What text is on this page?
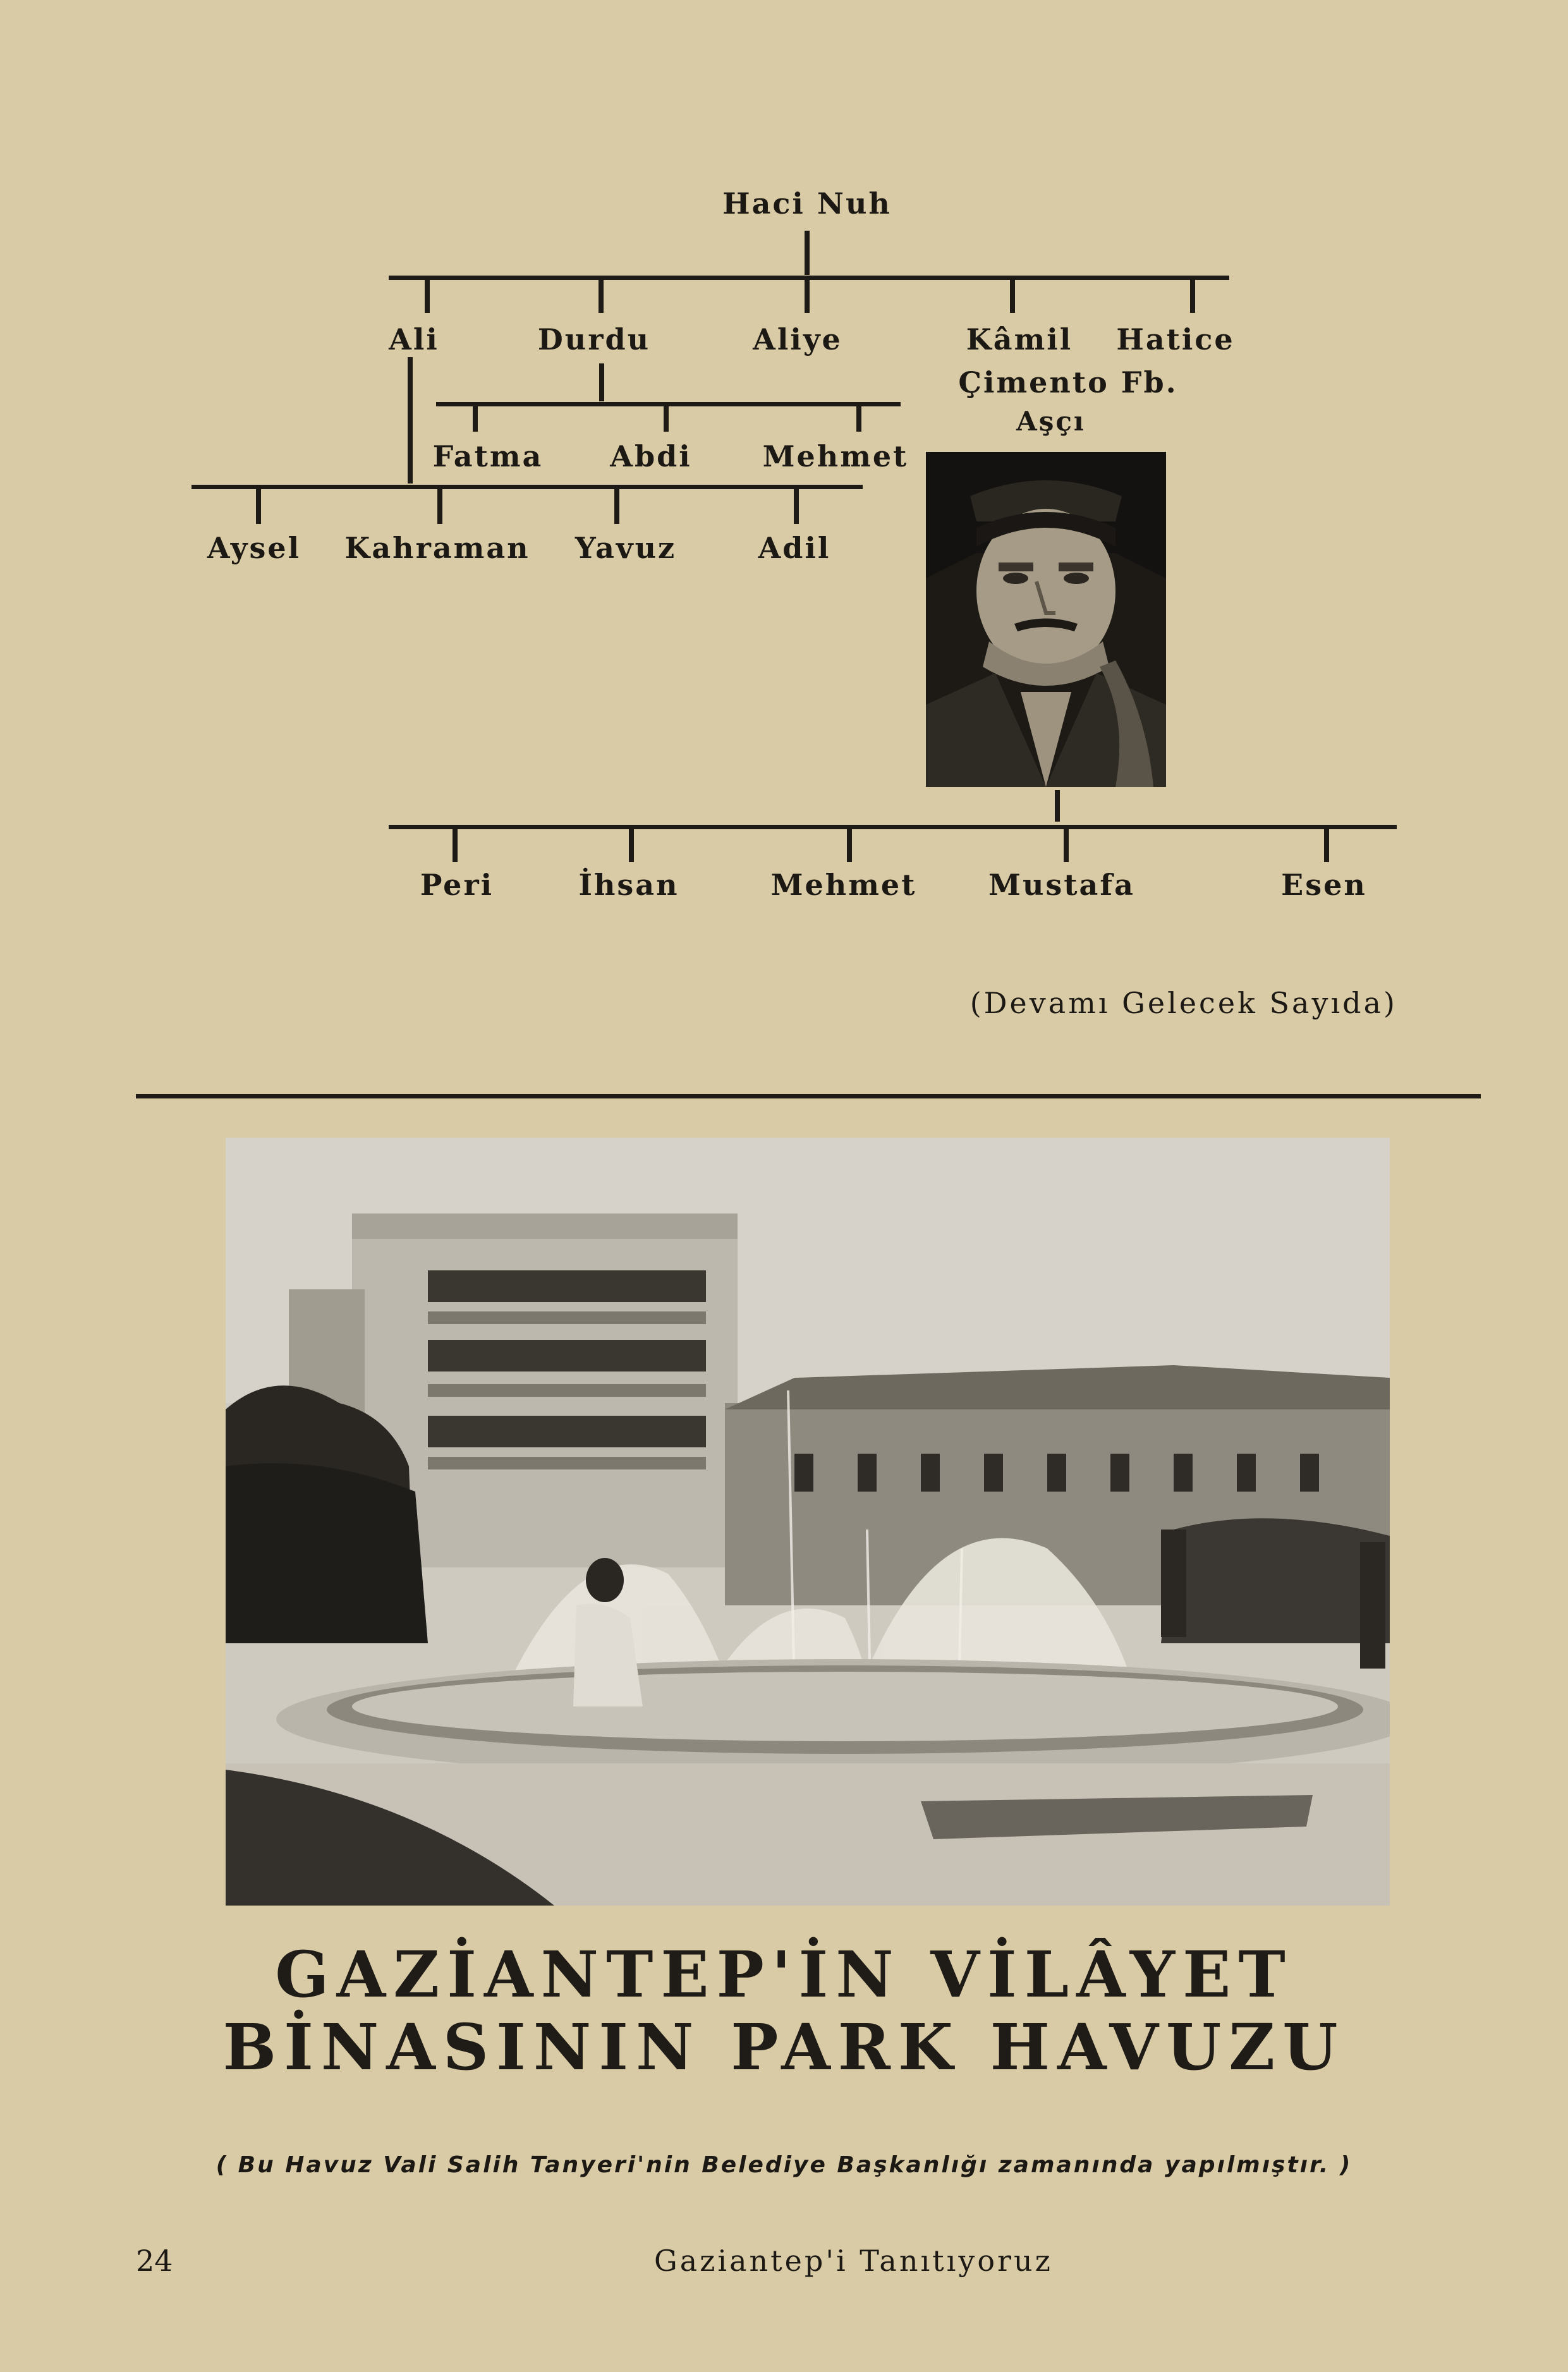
Haci Nuh
Ali	Durdu	Aliye	Kâmil Hatice
Çimento Fb.
Aşçı
Fatma Abdi Mehmet
Aysel Kahraman Yavuz	Adil
Peri	İhsan	Mehmet Mustafa	Esen
(Devamı Gelecek Sayıda)
GAZİANTEP'İN VİLÂYET
BİNASININ PARK HAVUZU
( Bu Havuz Vali Salih Tanyeri'nin Belediye Başkanlığı zamanında yapılmıştır. )
24	Gaziantep'i Tanıtıyoruz
